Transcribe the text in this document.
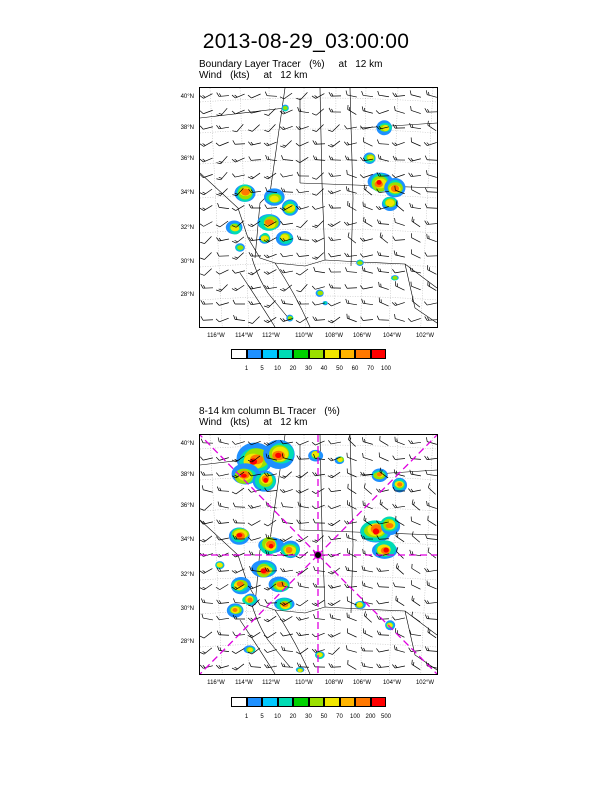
2013-08-29_03:00:00
Boundary Layer Tracer (%) at 12 km
Wind (kts) at 12 km
40°N
38°N
36°N
34°N
32°N
30°N
28°N
116°W	114°W	112°W	110°W	108°W	106°W	104°W	102°W
1	5	10	20	30	40	50	60	70	100
8-14 km column BL Tracer (%)
Wind (kts) at 12 km
40°N
38°N
36°N
34°N
32°N
30°N
28°N
116°W	114°W	112°W	110°W	108°W	106°W	104°W	102°W
1	5	10	20	30	50	70	100 200 500
